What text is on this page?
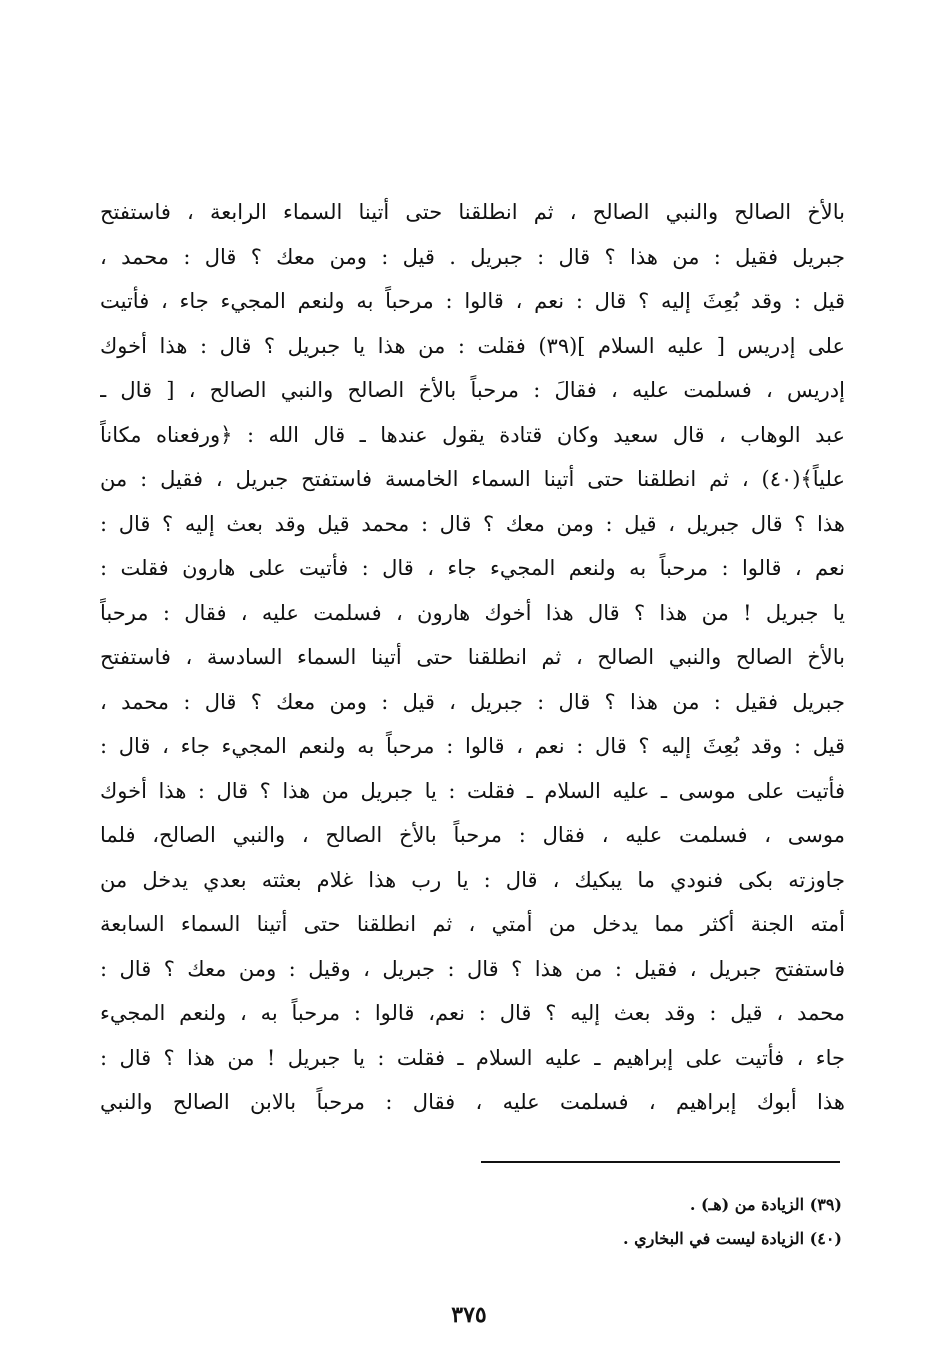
بالأخ الصالح والنبي الصالح ، ثم انطلقنا حتى أتينا السماء الرابعة ، فاستفتح
جبريل فقيل : من هذا ؟ قال : جبريل . قيل : ومن معك ؟ قال : محمد ،
قيل : وقد بُعِثَ إليه ؟ قال : نعم ، قالوا : مرحباً به ولنعم المجيء جاء ، فأتيت
على إدريس [ عليه السلام ](٣٩) فقلت : من هذا يا جبريل ؟ قال : هذا أخوك
إدريس ، فسلمت عليه ، فقالَ : مرحباً بالأخ الصالح والنبي الصالح ، [ قال ـ
عبد الوهاب ، قال سعيد وكان قتادة يقول عندها ـ قال الله : ﴿ورفعناه مكاناً
علياً﴾(٤٠) ، ثم انطلقنا حتى أتينا السماء الخامسة فاستفتح جبريل ، فقيل : من
هذا ؟ قال جبريل ، قيل : ومن معك ؟ قال : محمد قيل وقد بعث إليه ؟ قال :
نعم ، قالوا : مرحباً به ولنعم المجيء جاء ، قال : فأتيت على هارون فقلت :
يا جبريل ! من هذا ؟ قال هذا أخوك هارون ، فسلمت عليه ، فقال : مرحباً
بالأخ الصالح والنبي الصالح ، ثم انطلقنا حتى أتينا السماء السادسة ، فاستفتح
جبريل فقيل : من هذا ؟ قال : جبريل ، قيل : ومن معك ؟ قال : محمد ،
قيل : وقد بُعِثَ إليه ؟ قال : نعم ، قالوا : مرحباً به ولنعم المجيء جاء ، قال :
فأتيت على موسى ـ عليه السلام ـ فقلت : يا جبريل من هذا ؟ قال : هذا أخوك
موسى ، فسلمت عليه ، فقال : مرحباً بالأخ الصالح ، والنبي الصالح، فلما
جاوزته بكى فنودي ما يبكيك ، قال : يا رب هذا غلام بعثته بعدي يدخل من
أمته الجنة أكثر مما يدخل من أمتي ، ثم انطلقنا حتى أتينا السماء السابعة
فاستفتح جبريل ، فقيل : من هذا ؟ قال : جبريل ، وقيل : ومن معك ؟ قال :
محمد ، قيل : وقد بعث إليه ؟ قال : نعم، قالوا : مرحباً به ، ولنعم المجيء
جاء ، فأتيت على إبراهيم ـ عليه السلام ـ فقلت : يا جبريل ! من هذا ؟ قال :
هذا أبوك إبراهيم ، فسلمت عليه ، فقال : مرحباً بالابن الصالح والنبي
(٣٩) الزيادة من (هـ) .
(٤٠) الزيادة ليست في البخاري .
٣٧٥
